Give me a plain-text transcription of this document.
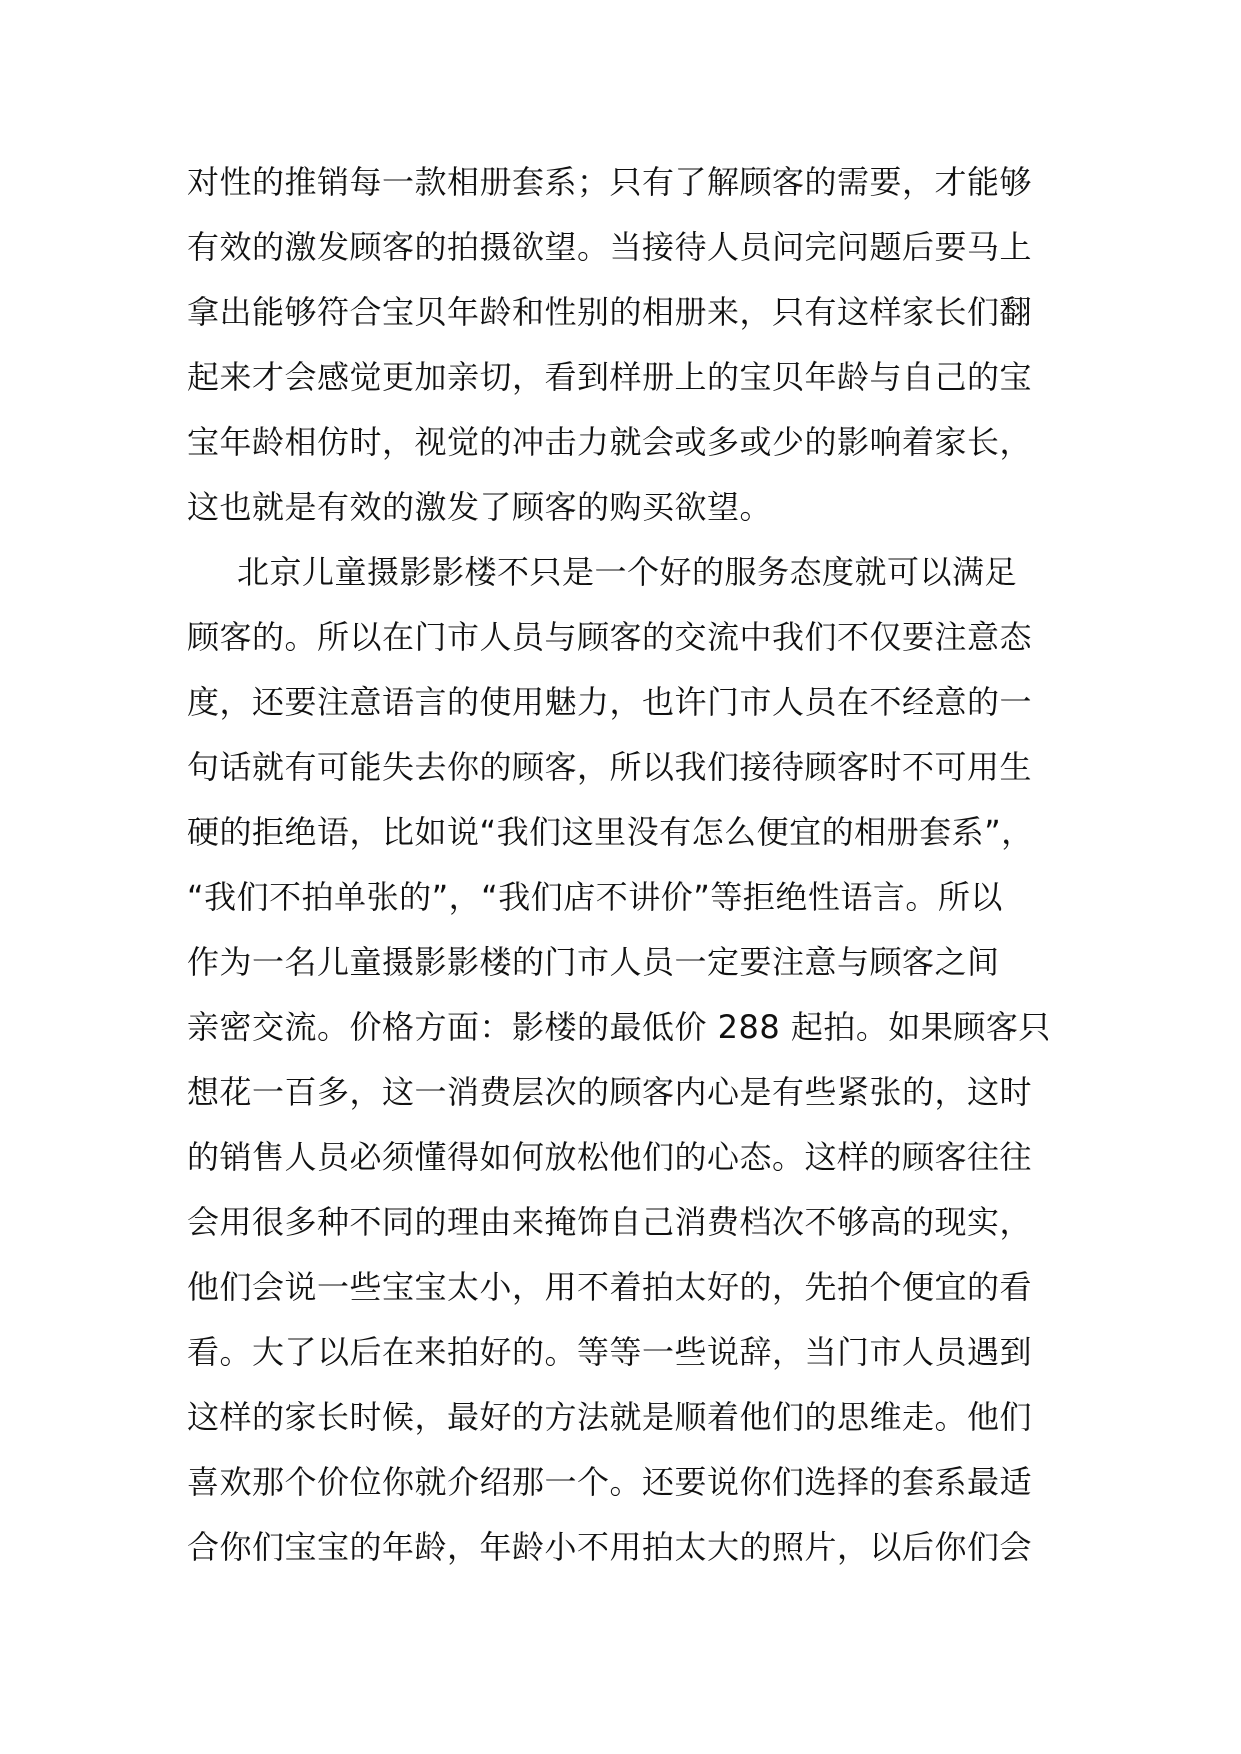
对性的推销每一款相册套系；只有了解顾客的需要，才能够
有效的激发顾客的拍摄欲望。当接待人员问完问题后要马上
拿出能够符合宝贝年龄和性别的相册来，只有这样家长们翻
起来才会感觉更加亲切，看到样册上的宝贝年龄与自己的宝
宝年龄相仿时，视觉的冲击力就会或多或少的影响着家长，
这也就是有效的激发了顾客的购买欲望。
北京儿童摄影影楼不只是一个好的服务态度就可以满足
顾客的。所以在门市人员与顾客的交流中我们不仅要注意态
度，还要注意语言的使用魅力，也许门市人员在不经意的一
句话就有可能失去你的顾客，所以我们接待顾客时不可用生
硬的拒绝语，比如说“我们这里没有怎么便宜的相册套系”，
“我们不拍单张的”，“我们店不讲价”等拒绝性语言。所以
作为一名儿童摄影影楼的门市人员一定要注意与顾客之间
亲密交流。价格方面：影楼的最低价 288 起拍。如果顾客只
想花一百多，这一消费层次的顾客内心是有些紧张的，这时
的销售人员必须懂得如何放松他们的心态。这样的顾客往往
会用很多种不同的理由来掩饰自己消费档次不够高的现实，
他们会说一些宝宝太小，用不着拍太好的，先拍个便宜的看
看。大了以后在来拍好的。等等一些说辞，当门市人员遇到
这样的家长时候，最好的方法就是顺着他们的思维走。他们
喜欢那个价位你就介绍那一个。还要说你们选择的套系最适
合你们宝宝的年龄，年龄小不用拍太大的照片，以后你们会
